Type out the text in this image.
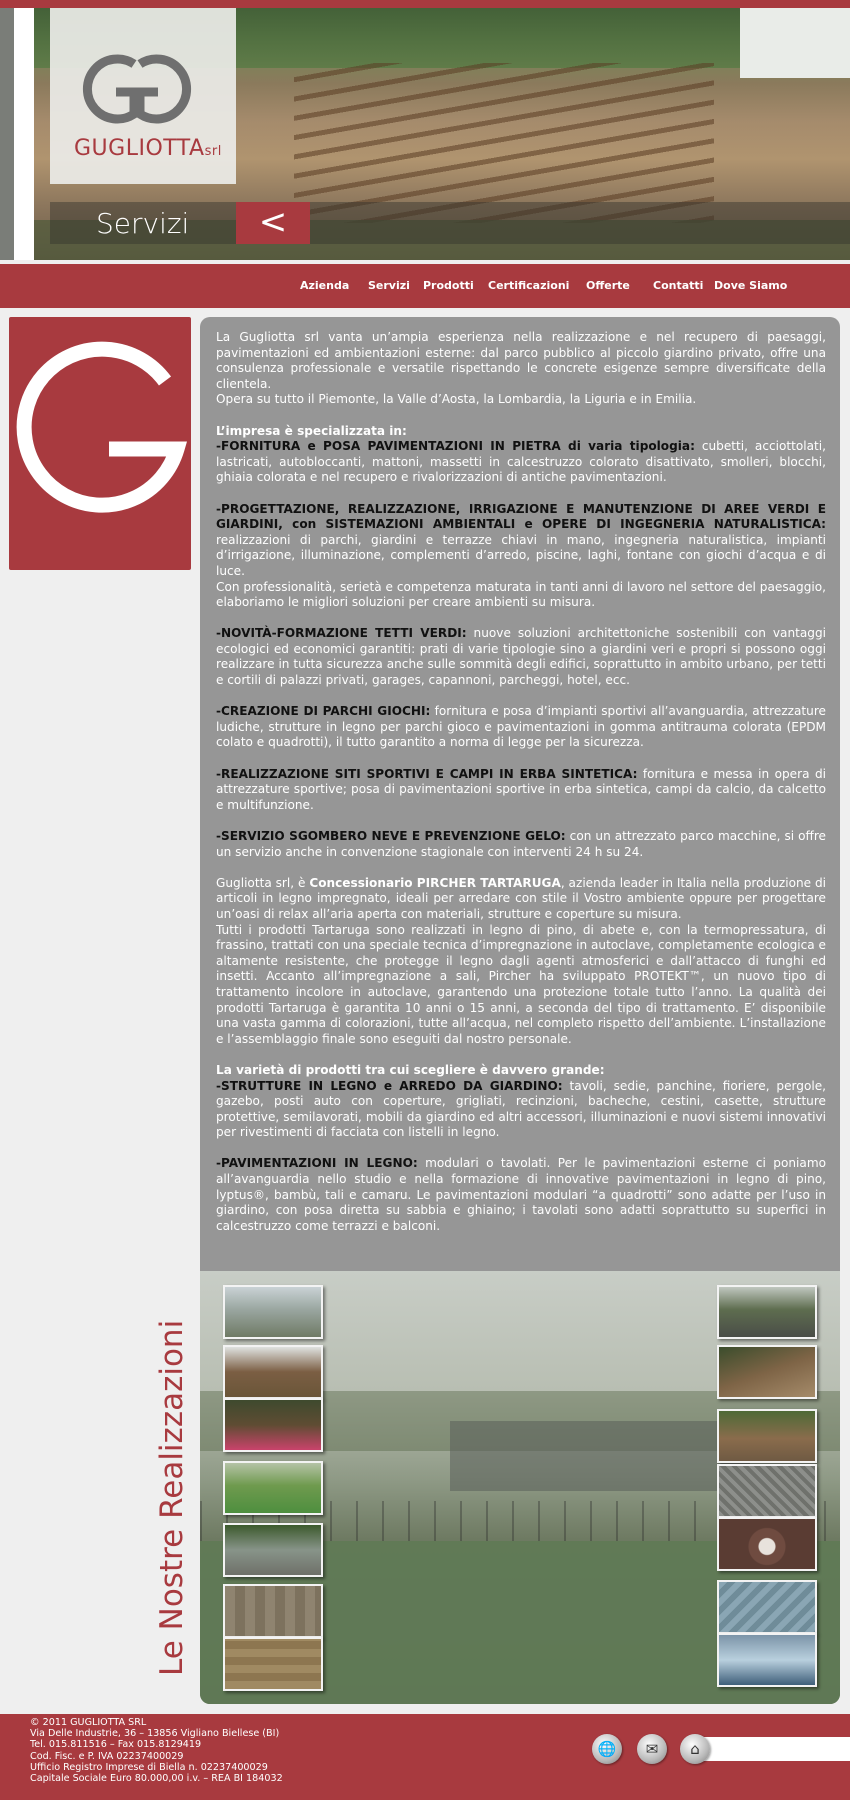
GUGLIOTTAsrl
Servizi	<
Azienda Servizi Prodotti Certificazioni Offerte Contatti Dove Siamo

La Gugliotta srl vanta un’ampia esperienza nella realizzazione e nel recupero di paesaggi, pavimentazioni ed ambientazioni esterne: dal parco pubblico al piccolo giardino privato, offre una consulenza professionale e versatile rispettando le concrete esigenze sempre diversificate della clientela.
Opera su tutto il Piemonte, la Valle d’Aosta, la Lombardia, la Liguria e in Emilia.

L’impresa è specializzata in:
-FORNITURA e POSA PAVIMENTAZIONI IN PIETRA di varia tipologia: cubetti, acciottolati, lastricati, autobloccanti, mattoni, massetti in calcestruzzo colorato disattivato, smolleri, blocchi, ghiaia colorata e nel recupero e rivalorizzazioni di antiche pavimentazioni.

-PROGETTAZIONE, REALIZZAZIONE, IRRIGAZIONE E MANUTENZIONE DI AREE VERDI E GIARDINI, con SISTEMAZIONI AMBIENTALI e OPERE DI INGEGNERIA NATURALISTICA: realizzazioni di parchi, giardini e terrazze chiavi in mano, ingegneria naturalistica, impianti d’irrigazione, illuminazione, complementi d’arredo, piscine, laghi, fontane con giochi d’acqua e di luce.
Con professionalità, serietà e competenza maturata in tanti anni di lavoro nel settore del paesaggio, elaboriamo le migliori soluzioni per creare ambienti su misura.

-NOVITÀ-FORMAZIONE TETTI VERDI: nuove soluzioni architettoniche sostenibili con vantaggi ecologici ed economici garantiti: prati di varie tipologie sino a giardini veri e propri si possono oggi realizzare in tutta sicurezza anche sulle sommità degli edifici, soprattutto in ambito urbano, per tetti e cortili di palazzi privati, garages, capannoni, parcheggi, hotel, ecc.

-CREAZIONE DI PARCHI GIOCHI: fornitura e posa d’impianti sportivi all’avanguardia, attrezzature ludiche, strutture in legno per parchi gioco e pavimentazioni in gomma antitrauma colorata (EPDM colato e quadrotti), il tutto garantito a norma di legge per la sicurezza.

-REALIZZAZIONE SITI SPORTIVI E CAMPI IN ERBA SINTETICA: fornitura e messa in opera di attrezzature sportive; posa di pavimentazioni sportive in erba sintetica, campi da calcio, da calcetto e multifunzione.

-SERVIZIO SGOMBERO NEVE E PREVENZIONE GELO: con un attrezzato parco macchine, si offre un servizio anche in convenzione stagionale con interventi 24 h su 24.

Gugliotta srl, è Concessionario PIRCHER TARTARUGA, azienda leader in Italia nella produzione di articoli in legno impregnato, ideali per arredare con stile il Vostro ambiente oppure per progettare un’oasi di relax all’aria aperta con materiali, strutture e coperture su misura.
Tutti i prodotti Tartaruga sono realizzati in legno di pino, di abete e, con la termopressatura, di frassino, trattati con una speciale tecnica d’impregnazione in autoclave, completamente ecologica e altamente resistente, che protegge il legno dagli agenti atmosferici e dall’attacco di funghi ed insetti. Accanto all’impregnazione a sali, Pircher ha sviluppato PROTEKT™, un nuovo tipo di trattamento incolore in autoclave, garantendo una protezione totale tutto l’anno. La qualità dei prodotti Tartaruga è garantita 10 anni o 15 anni, a seconda del tipo di trattamento. E’ disponibile una vasta gamma di colorazioni, tutte all’acqua, nel completo rispetto dell’ambiente. L’installazione e l’assemblaggio finale sono eseguiti dal nostro personale.

La varietà di prodotti tra cui scegliere è davvero grande:
-STRUTTURE IN LEGNO e ARREDO DA GIARDINO: tavoli, sedie, panchine, fioriere, pergole, gazebo, posti auto con coperture, grigliati, recinzioni, bacheche, cestini, casette, strutture protettive, semilavorati, mobili da giardino ed altri accessori, illuminazioni e nuovi sistemi innovativi per rivestimenti di facciata con listelli in legno.

-PAVIMENTAZIONI IN LEGNO: modulari o tavolati. Per le pavimentazioni esterne ci poniamo all’avanguardia nello studio e nella formazione di innovative pavimentazioni in legno di pino, lyptus®, bambù, tali e camaru. Le pavimentazioni modulari “a quadrotti” sono adatte per l’uso in giardino, con posa diretta su sabbia e ghiaino; i tavolati sono adatti soprattutto su superfici in calcestruzzo come terrazzi e balconi.

Le Nostre Realizzazioni
© 2011 GUGLIOTTA SRL
Via Delle Industrie, 36 – 13856 Vigliano Biellese (BI)
Tel. 015.811516 – Fax 015.8129419
Cod. Fisc. e P. IVA 02237400029
Ufficio Registro Imprese di Biella n. 02237400029
Capitale Sociale Euro 80.000,00 i.v. – REA BI 184032
🌐	✉	⌂
